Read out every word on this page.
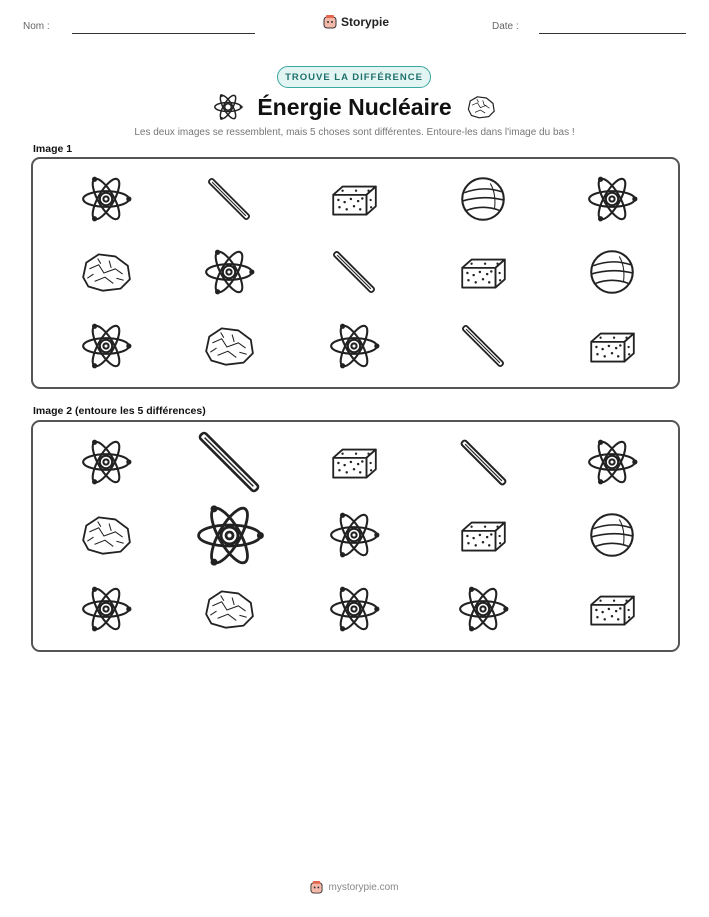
Nom :	Storypie	Date :
TROUVE LA DIFFÉRENCE
Énergie Nucléaire
Les deux images se ressemblent, mais 5 choses sont différentes. Entoure-les dans l'image du bas !
Image 1
Image 2 (entoure les 5 différences)
mystorypie.com
